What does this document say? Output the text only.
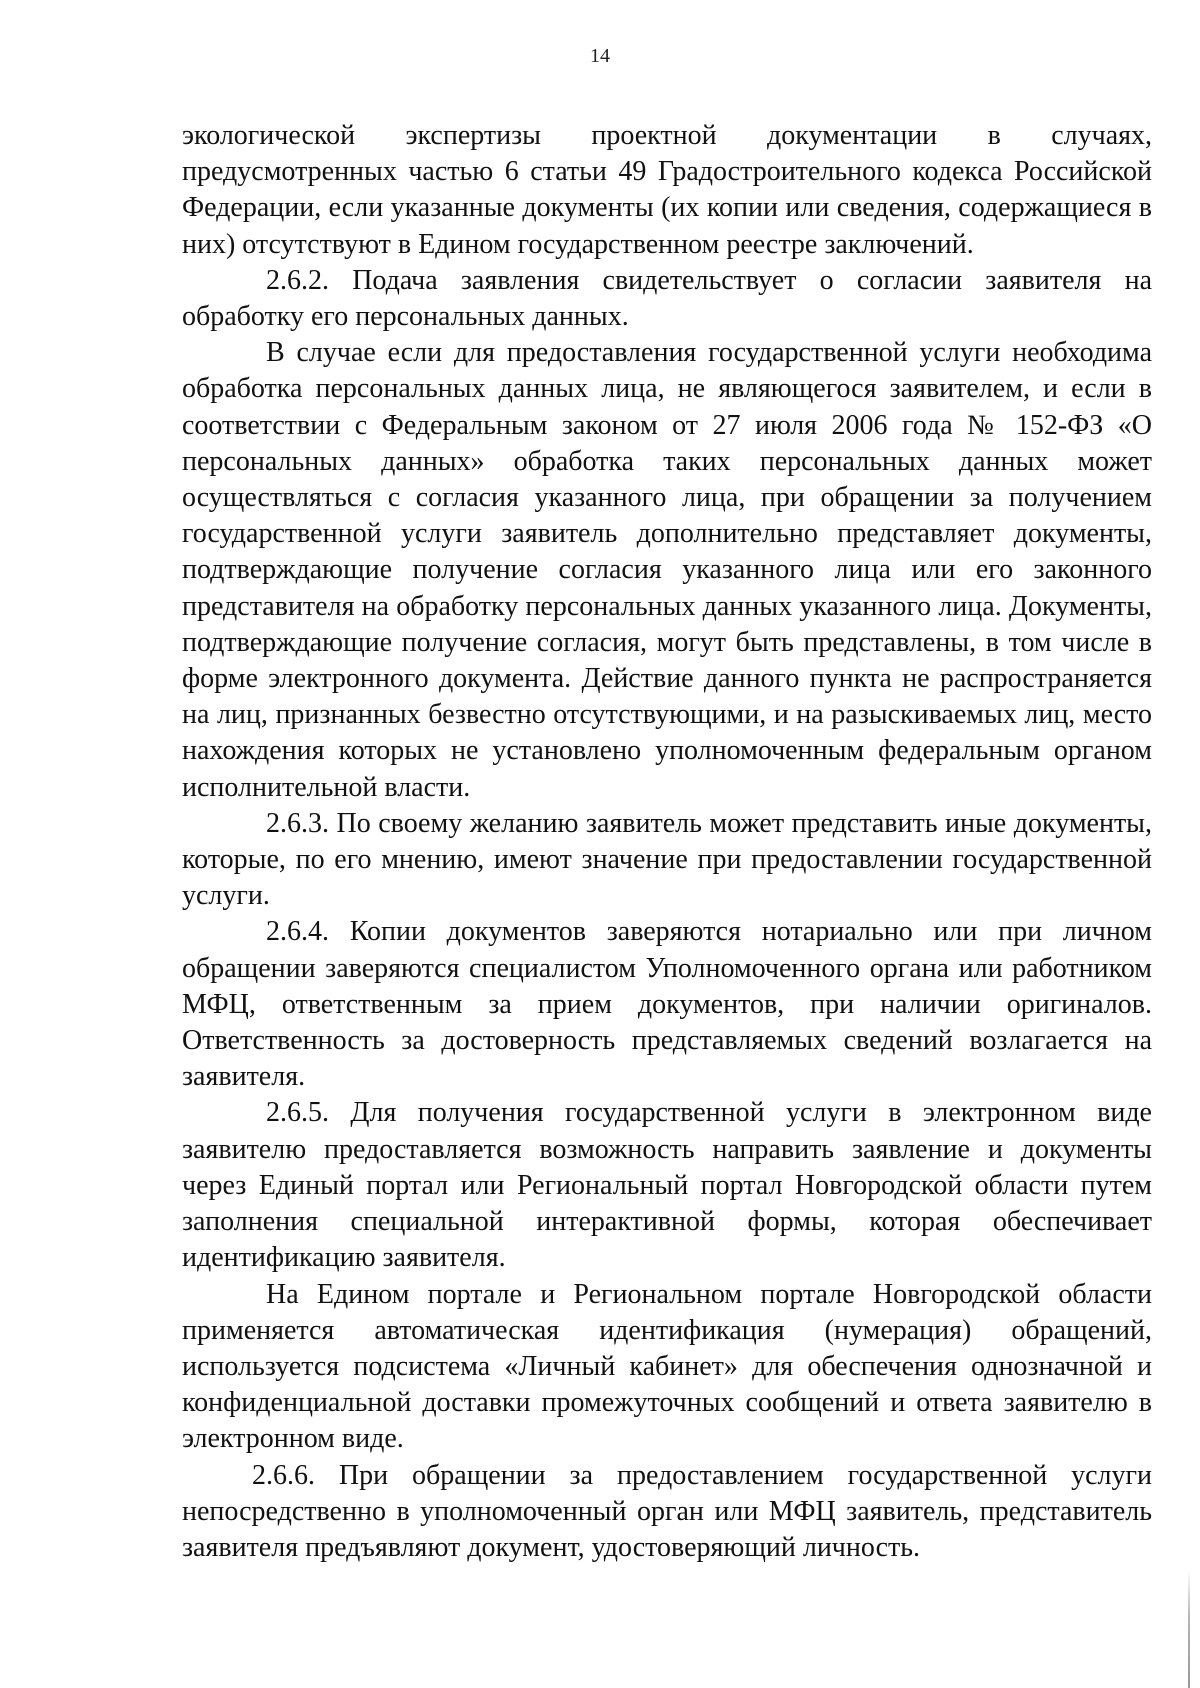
14

экологической экспертизы проектной документации в случаях, предусмотренных частью 6 статьи 49 Градостроительного кодекса Российской Федерации, если указанные документы (их копии или сведения, содержащиеся в них) отсутствуют в Едином государственном реестре заключений.

2.6.2. Подача заявления свидетельствует о согласии заявителя на обработку его персональных данных.

В случае если для предоставления государственной услуги необходима обработка персональных данных лица, не являющегося заявителем, и если в соответствии с Федеральным законом от 27 июля 2006 года № 152-ФЗ «О персональных данных» обработка таких персональных данных может осуществляться с согласия указанного лица, при обращении за получением государственной услуги заявитель дополнительно представляет документы, подтверждающие получение согласия указанного лица или его законного представителя на обработку персональных данных указанного лица. Документы, подтверждающие получение согласия, могут быть представлены, в том числе в форме электронного документа. Действие данного пункта не распространяется на лиц, признанных безвестно отсутствующими, и на разыскиваемых лиц, место нахождения которых не установлено уполномоченным федеральным органом исполнительной власти.

2.6.3. По своему желанию заявитель может представить иные документы, которые, по его мнению, имеют значение при предоставлении государственной услуги.

2.6.4. Копии документов заверяются нотариально или при личном обращении заверяются специалистом Уполномоченного органа или работником МФЦ, ответственным за прием документов, при наличии оригиналов. Ответственность за достоверность представляемых сведений возлагается на заявителя.

2.6.5. Для получения государственной услуги в электронном виде заявителю предоставляется возможность направить заявление и документы через Единый портал или Региональный портал Новгородской области путем заполнения специальной интерактивной формы, которая обеспечивает идентификацию заявителя.

На Едином портале и Региональном портале Новгородской области применяется автоматическая идентификация (нумерация) обращений, используется подсистема «Личный кабинет» для обеспечения однозначной и конфиденциальной доставки промежуточных сообщений и ответа заявителю в электронном виде.

2.6.6. При обращении за предоставлением государственной услуги непосредственно в уполномоченный орган или МФЦ заявитель, представитель заявителя предъявляют документ, удостоверяющий личность.
